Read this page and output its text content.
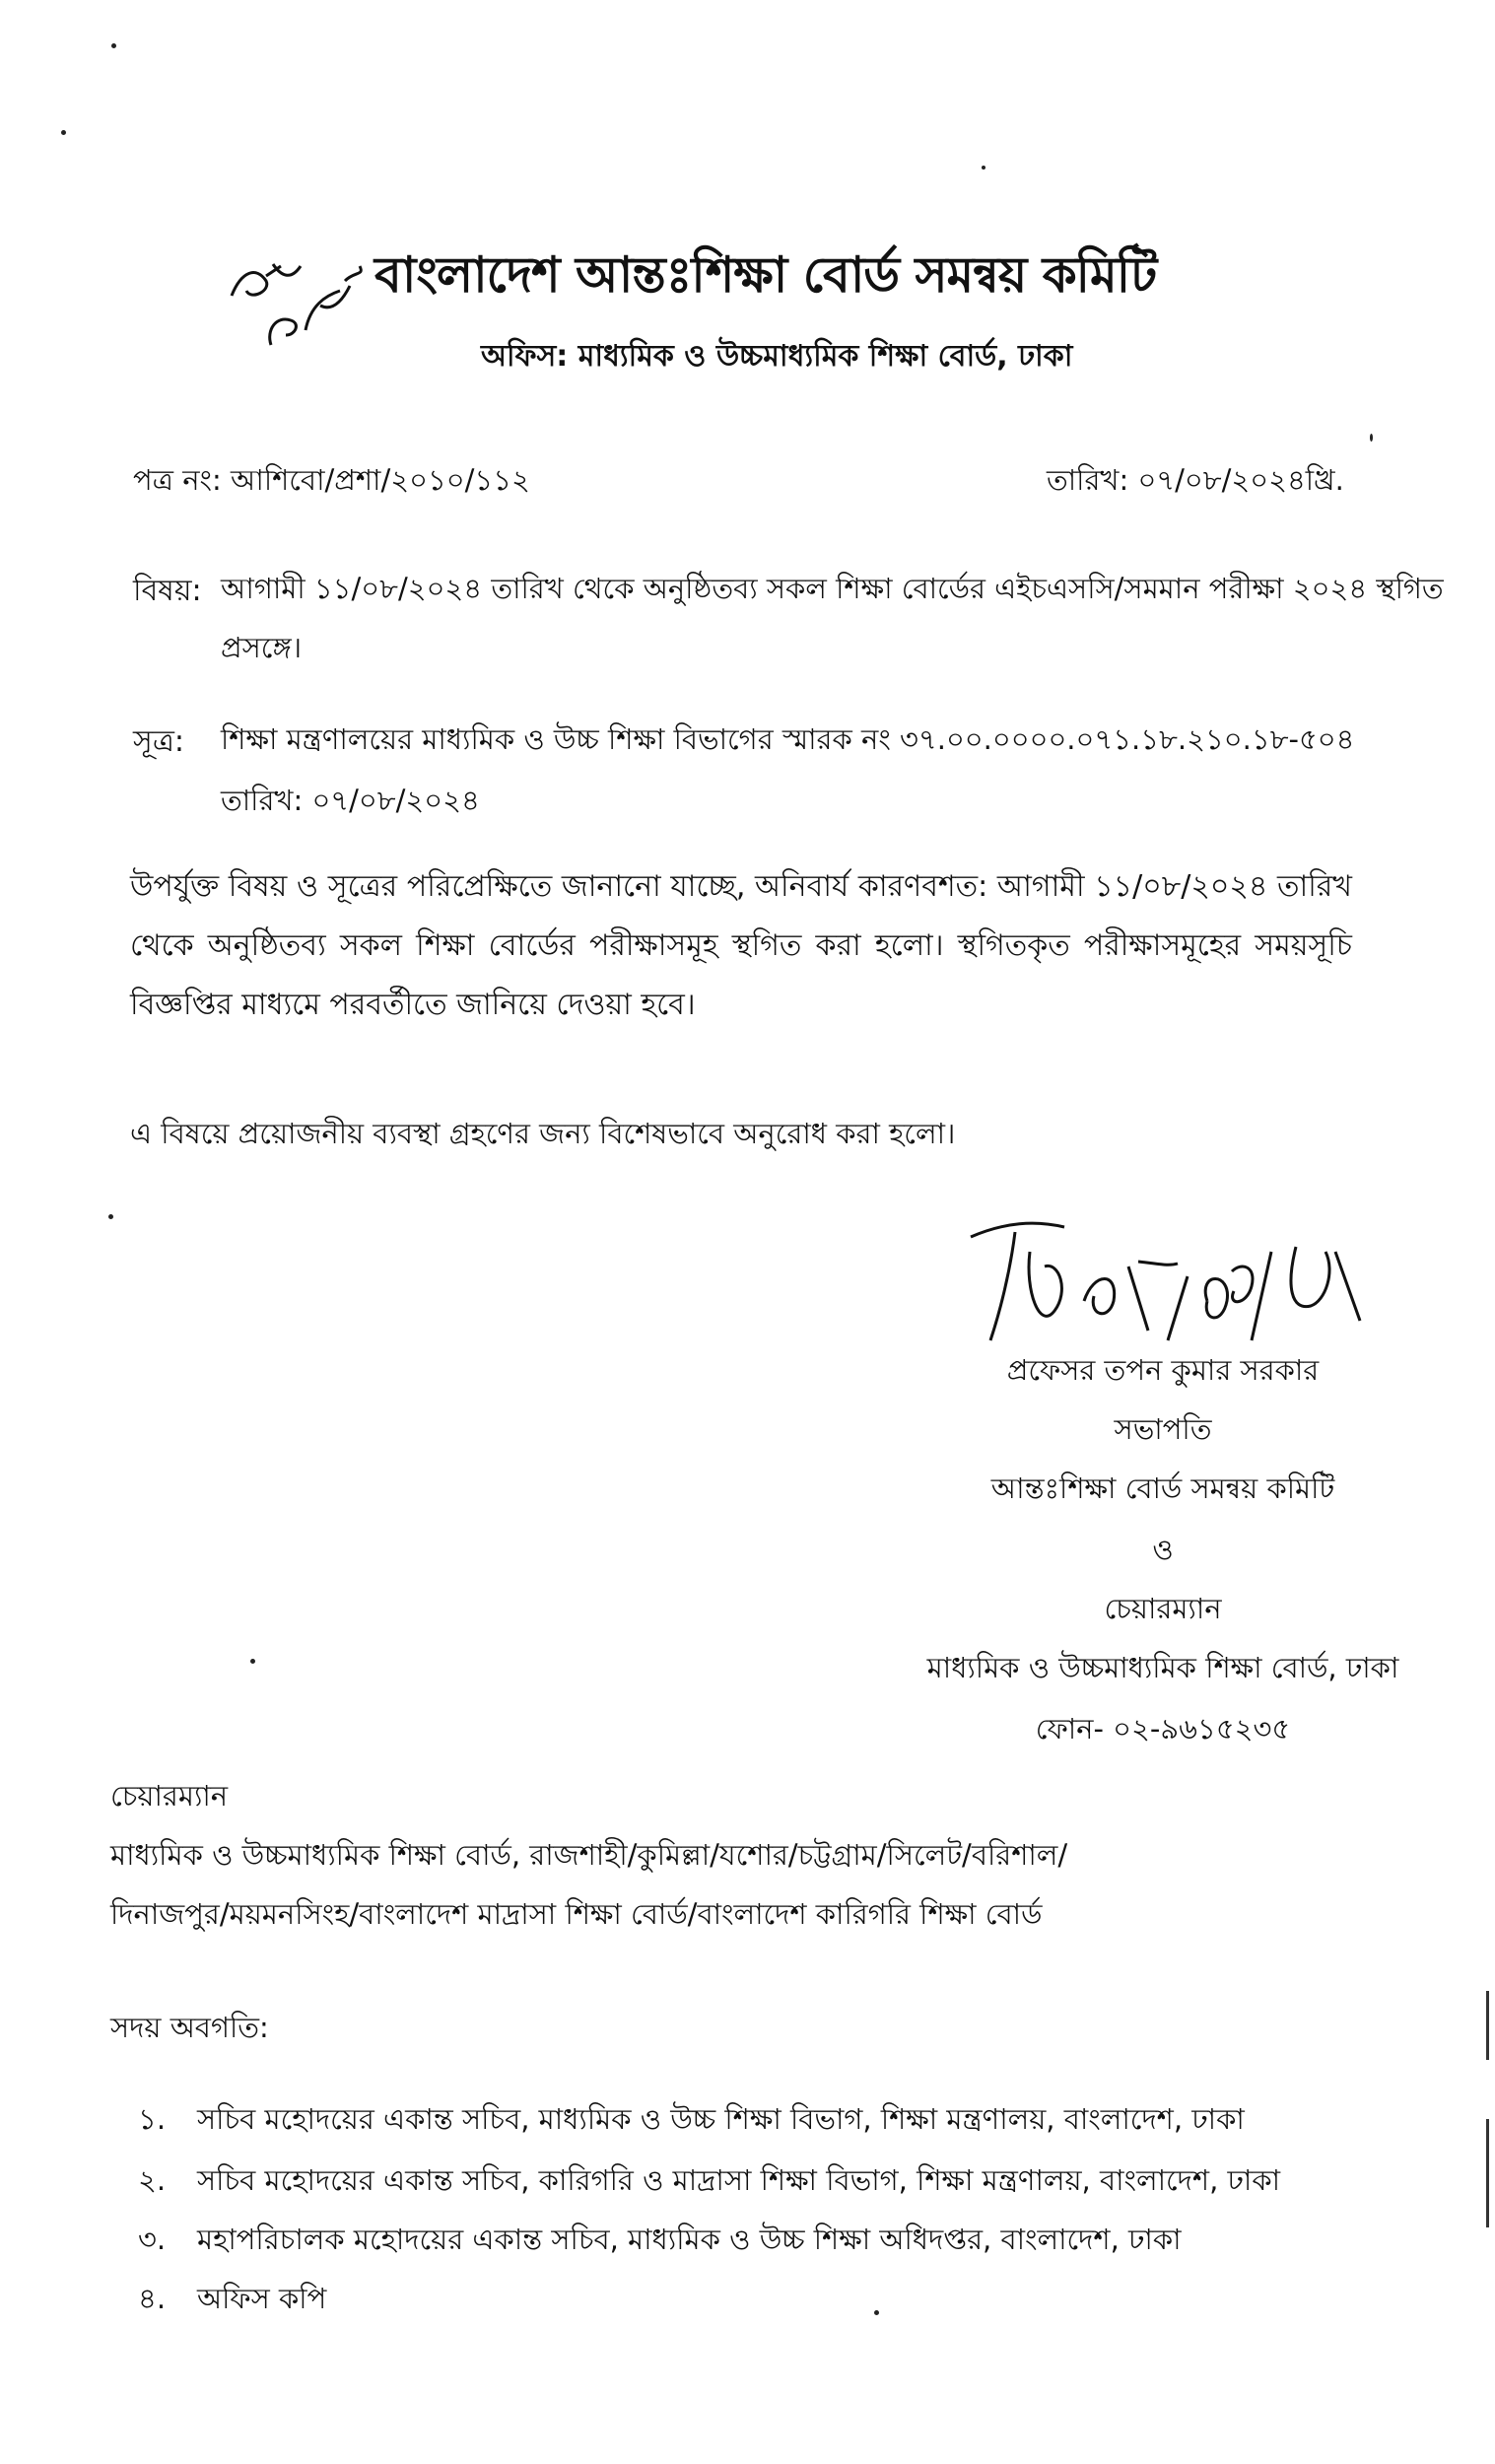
বাংলাদেশ আন্তঃশিক্ষা বোর্ড সমন্বয় কমিটি
অফিস: মাধ্যমিক ও উচ্চমাধ্যমিক শিক্ষা বোর্ড, ঢাকা
পত্র নং: আশিবো/প্রশা/২০১০/১১২	তারিখ: ০৭/০৮/২০২৪খ্রি.
বিষয়: আগামী ১১/০৮/২০২৪ তারিখ থেকে অনুষ্ঠিতব্য সকল শিক্ষা বোর্ডের এইচএসসি/সমমান পরীক্ষা ২০২৪ স্থগিত
প্রসঙ্গে।
সূত্র: শিক্ষা মন্ত্রণালয়ের মাধ্যমিক ও উচ্চ শিক্ষা বিভাগের স্মারক নং ৩৭.০০.০০০০.০৭১.১৮.২১০.১৮-৫০৪
তারিখ: ০৭/০৮/২০২৪
উপর্যুক্ত বিষয় ও সূত্রের পরিপ্রেক্ষিতে জানানো যাচ্ছে, অনিবার্য কারণবশত: আগামী ১১/০৮/২০২৪ তারিখ থেকে অনুষ্ঠিতব্য সকল শিক্ষা বোর্ডের পরীক্ষাসমূহ স্থগিত করা হলো। স্থগিতকৃত পরীক্ষাসমূহের সময়সূচি বিজ্ঞপ্তির মাধ্যমে পরবর্তীতে জানিয়ে দেওয়া হবে।
এ বিষয়ে প্রয়োজনীয় ব্যবস্থা গ্রহণের জন্য বিশেষভাবে অনুরোধ করা হলো।
প্রফেসর তপন কুমার সরকার
সভাপতি
আন্তঃশিক্ষা বোর্ড সমন্বয় কমিটি
ও
চেয়ারম্যান
মাধ্যমিক ও উচ্চমাধ্যমিক শিক্ষা বোর্ড, ঢাকা
ফোন- ০২-৯৬১৫২৩৫
চেয়ারম্যান
মাধ্যমিক ও উচ্চমাধ্যমিক শিক্ষা বোর্ড, রাজশাহী/কুমিল্লা/যশোর/চট্টগ্রাম/সিলেট/বরিশাল/
দিনাজপুর/ময়মনসিংহ/বাংলাদেশ মাদ্রাসা শিক্ষা বোর্ড/বাংলাদেশ কারিগরি শিক্ষা বোর্ড
সদয় অবগতি:
১. সচিব মহোদয়ের একান্ত সচিব, মাধ্যমিক ও উচ্চ শিক্ষা বিভাগ, শিক্ষা মন্ত্রণালয়, বাংলাদেশ, ঢাকা
২. সচিব মহোদয়ের একান্ত সচিব, কারিগরি ও মাদ্রাসা শিক্ষা বিভাগ, শিক্ষা মন্ত্রণালয়, বাংলাদেশ, ঢাকা
৩. মহাপরিচালক মহোদয়ের একান্ত সচিব, মাধ্যমিক ও উচ্চ শিক্ষা অধিদপ্তর, বাংলাদেশ, ঢাকা
৪. অফিস কপি
